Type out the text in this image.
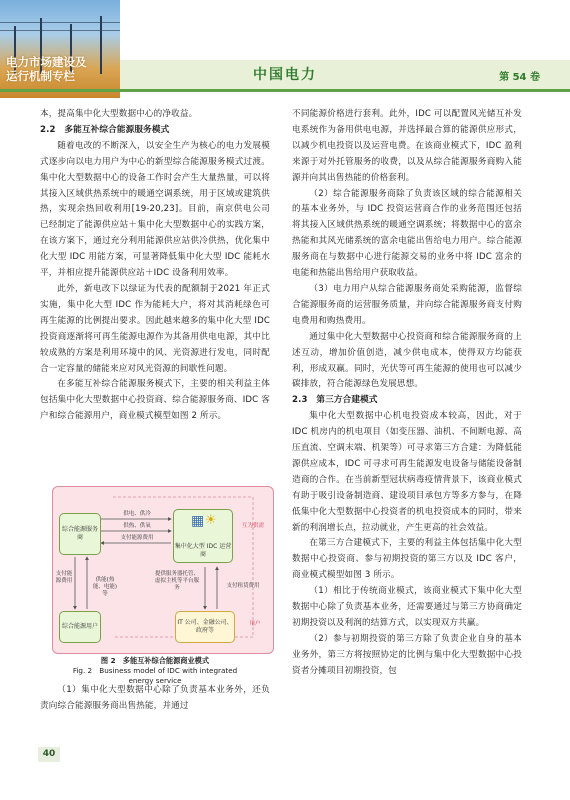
电力市场建设及
运行机制专栏	中国电力	第 54 卷

本，提高集中化大型数据中心的净收益。

2.2　多能互补综合能源服务模式

随着电改的不断深入，以安全生产为核心的电力发展模式逐步向以电力用户为中心的新型综合能源服务模式过渡。集中化大型数据中心的设备工作时会产生大量热量，可以将其接入区域供热系统中的暖通空调系统，用于区域或建筑供热，实现余热回收利用[19-20,23]。目前，南京供电公司已经制定了能源供应站＋集中化大型数据中心的实践方案，在该方案下，通过充分利用能源供应站供冷供热，优化集中化大型 IDC 用能方案，可显著降低集中化大型 IDC 能耗水平，并相应提升能源供应站＋IDC 设备利用效率。

此外，新电改下以绿证为代表的配额制于2021 年正式实施，集中化大型 IDC 作为能耗大户，将对其消耗绿色可再生能源的比例提出要求。因此越来越多的集中化大型 IDC 投资商逐渐将可再生能源电源作为其备用供电电源，其中比较成熟的方案是利用环境中的风、光资源进行发电，同时配合一定容量的储能来应对风光资源的间歇性问题。

在多能互补综合能源服务模式下，主要的相关利益主体包括集中化大型数据中心投资商、综合能源服务商、IDC 客户和综合能源用户，商业模式模型如图 2 所示。

综合能源服务商
集中化大型 IDC 运营商
▦ ☀
综合能源用户
IT 公司、金融公司、政府等
供电、供冷
供热、供氧
支付能源费用
互为供需
支付能源费用	供能(热能、电能)等
提供服务器托管、虚拟主机等平台服务	支付租赁费用
用户
图 2　多能互补综合能源商业模式
Fig. 2　Business model of IDC with integrated
energy service

（1）集中化大型数据中心除了负责基本业务外，还负责向综合能源服务商出售热能，并通过

不同能源价格进行套利。此外，IDC 可以配置风光储互补发电系统作为备用供电电源，并选择最合算的能源供应形式，以减少机电投资以及运营电费。在该商业模式下，IDC 盈利来源于对外托管服务的收费，以及从综合能源服务商购入能源并向其出售热能的价格套利。

（2）综合能源服务商除了负责该区域的综合能源相关的基本业务外，与 IDC 投资运营商合作的业务范围还包括将其接入区域供热系统的暖通空调系统；将数据中心的富余热能和其风光储系统的富余电能出售给电力用户。综合能源服务商在与数据中心进行能源交易的业务中将 IDC 富余的电能和热能出售给用户获取收益。

（3）电力用户从综合能源服务商处采购能源，监督综合能源服务商的运营服务质量，并向综合能源服务商支付购电费用和购热费用。

通过集中化大型数据中心投资商和综合能源服务商的上述互动，增加价值创造，减少供电成本，使得双方均能获利，形成双赢。同时，光伏等可再生能源的使用也可以减少碳排放，符合能源绿色发展思想。

2.3　第三方合建模式

集中化大型数据中心机电投资成本较高，因此，对于 IDC 机房内的机电项目（如变压器、油机、不间断电源、高压直流、空调末端、机架等）可寻求第三方合建：为降低能源供应成本，IDC 可寻求可再生能源发电设备与储能设备制造商的合作。在当前新型冠状病毒疫情背景下，该商业模式有助于吸引设备制造商、建设项目承包方等多方参与，在降低集中化大型数据中心投资者的机电投资成本的同时，带来新的利润增长点，拉动就业，产生更高的社会效益。

在第三方合建模式下，主要的利益主体包括集中化大型数据中心投资商、参与初期投资的第三方以及 IDC 客户，商业模式模型如图 3 所示。

（1）相比于传统商业模式，该商业模式下集中化大型数据中心除了负责基本业务，还需要通过与第三方协商确定初期投资以及利润的结算方式，以实现双方共赢。

（2）参与初期投资的第三方除了负责企业自身的基本业务外，第三方将按照协定的比例与集中化大型数据中心投资者分摊项目初期投资，包

40
